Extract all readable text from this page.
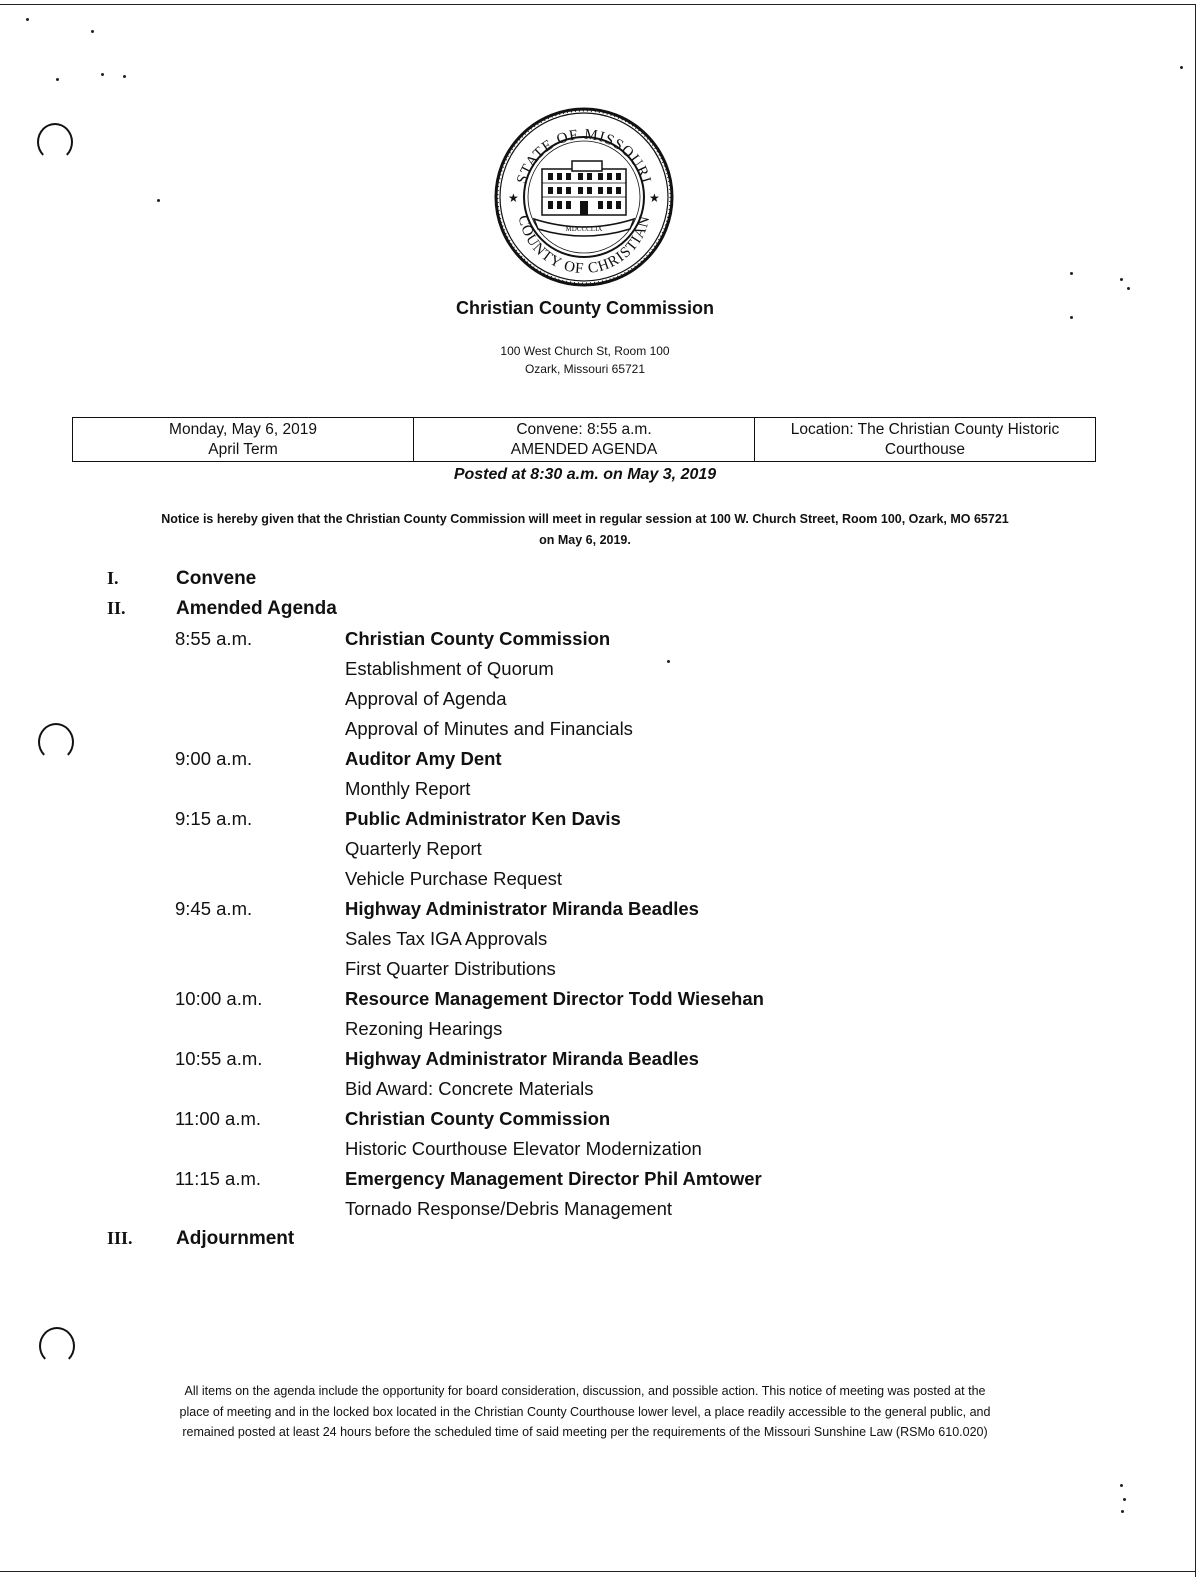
STATE OF MISSOURI
COUNTY OF CHRISTIAN
★	★
MDCCCLIX
Christian County Commission
100 West Church St, Room 100
Ozark, Missouri 65721
Monday, May 6, 2019
April Term

Convene: 8:55 a.m.
AMENDED AGENDA

Location: The Christian County Historic
Courthouse
Posted at 8:30 a.m. on May 3, 2019
Notice is hereby given that the Christian County Commission will meet in regular session at 100 W. Church Street, Room 100, Ozark, MO 65721
on May 6, 2019.
I.	Convene
II.	Amended Agenda
8:55 a.m.	Christian County Commission
Establishment of Quorum
Approval of Agenda
Approval of Minutes and Financials
9:00 a.m.	Auditor Amy Dent
Monthly Report
9:15 a.m.	Public Administrator Ken Davis
Quarterly Report
Vehicle Purchase Request
9:45 a.m.	Highway Administrator Miranda Beadles
Sales Tax IGA Approvals
First Quarter Distributions
10:00 a.m.	Resource Management Director Todd Wiesehan
Rezoning Hearings
10:55 a.m.	Highway Administrator Miranda Beadles
Bid Award: Concrete Materials
11:00 a.m.	Christian County Commission
Historic Courthouse Elevator Modernization
11:15 a.m.	Emergency Management Director Phil Amtower
Tornado Response/Debris Management
III. Adjournment
All items on the agenda include the opportunity for board consideration, discussion, and possible action. This notice of meeting was posted at the
place of meeting and in the locked box located in the Christian County Courthouse lower level, a place readily accessible to the general public, and
remained posted at least 24 hours before the scheduled time of said meeting per the requirements of the Missouri Sunshine Law (RSMo 610.020)
